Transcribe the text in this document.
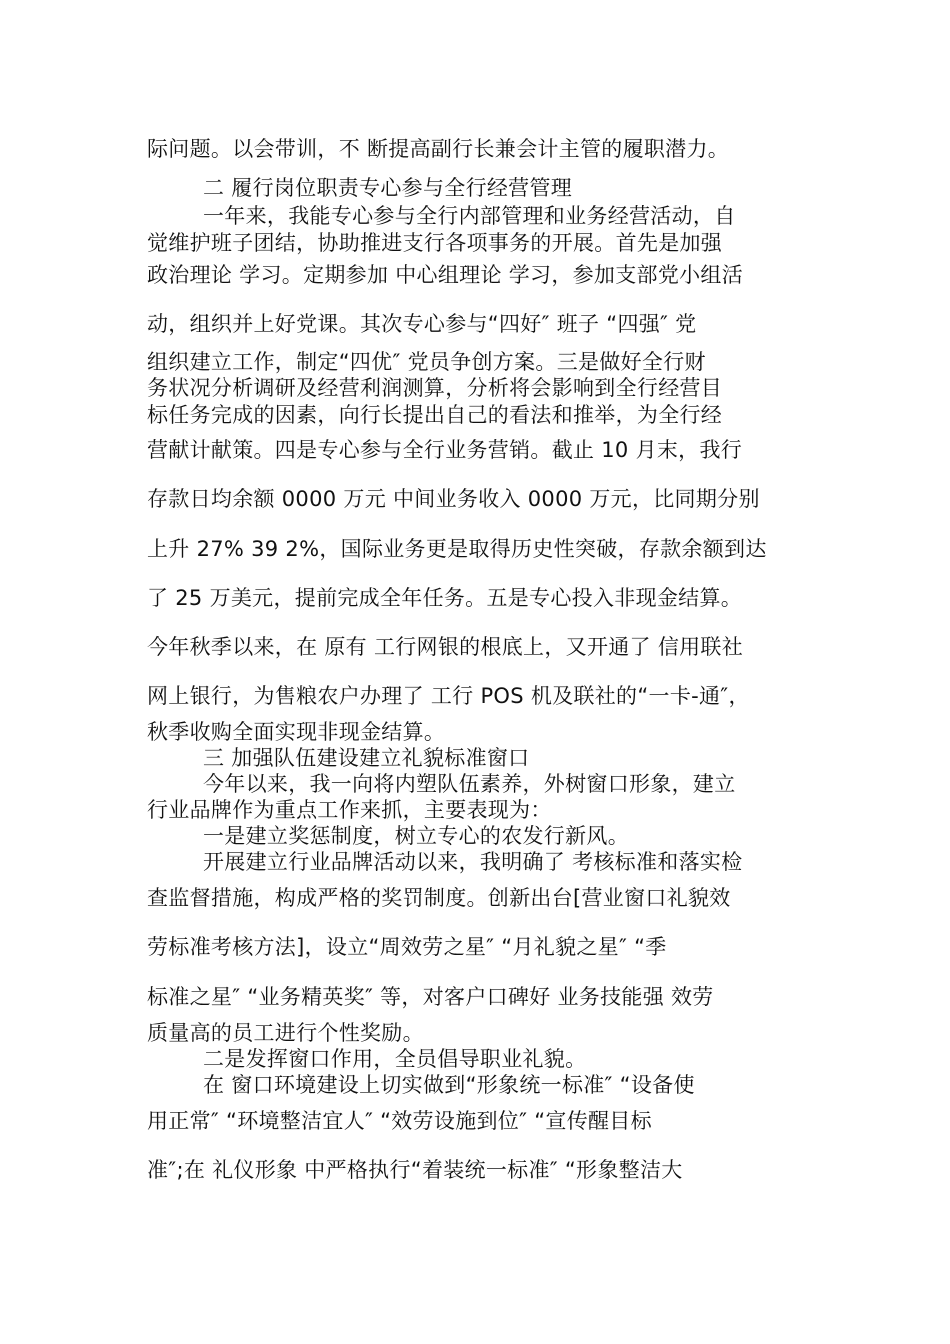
际问题。以会带训，不 断提高副行长兼会计主管的履职潜力。
二 履行岗位职责专心参与全行经营管理
一年来，我能专心参与全行内部管理和业务经营活动，自
觉维护班子团结，协助推进支行各项事务的开展。首先是加强
政治理论 学习。定期参加 中心组理论 学习，参加支部党小组活
动，组织并上好党课。其次专心参与“四好″ 班子 “四强″ 党
组织建立工作，制定“四优″ 党员争创方案。三是做好全行财
务状况分析调研及经营利润测算，分析将会影响到全行经营目
标任务完成的因素，向行长提出自己的看法和推举，为全行经
营献计献策。四是专心参与全行业务营销。截止 10 月末，我行
存款日均余额 0000 万元 中间业务收入 0000 万元，比同期分别
上升 27% 39 2%，国际业务更是取得历史性突破，存款余额到达
了 25 万美元，提前完成全年任务。五是专心投入非现金结算。
今年秋季以来，在 原有 工行网银的根底上，又开通了 信用联社
网上银行，为售粮农户办理了 工行 POS 机及联社的“一卡-通″，
秋季收购全面实现非现金结算。
三 加强队伍建设建立礼貌标准窗口
今年以来，我一向将内塑队伍素养，外树窗口形象，建立
行业品牌作为重点工作来抓，主要表现为：
一是建立奖惩制度，树立专心的农发行新风。
开展建立行业品牌活动以来，我明确了 考核标准和落实检
查监督措施，构成严格的奖罚制度。创新出台[营业窗口礼貌效
劳标准考核方法]，设立“周效劳之星″ “月礼貌之星″ “季
标准之星″ “业务精英奖″ 等，对客户口碑好 业务技能强 效劳
质量高的员工进行个性奖励。
二是发挥窗口作用，全员倡导职业礼貌。
在 窗口环境建设上切实做到“形象统一标准″ “设备使
用正常″ “环境整洁宜人″ “效劳设施到位″ “宣传醒目标
准″;在 礼仪形象 中严格执行“着装统一标准″ “形象整洁大
